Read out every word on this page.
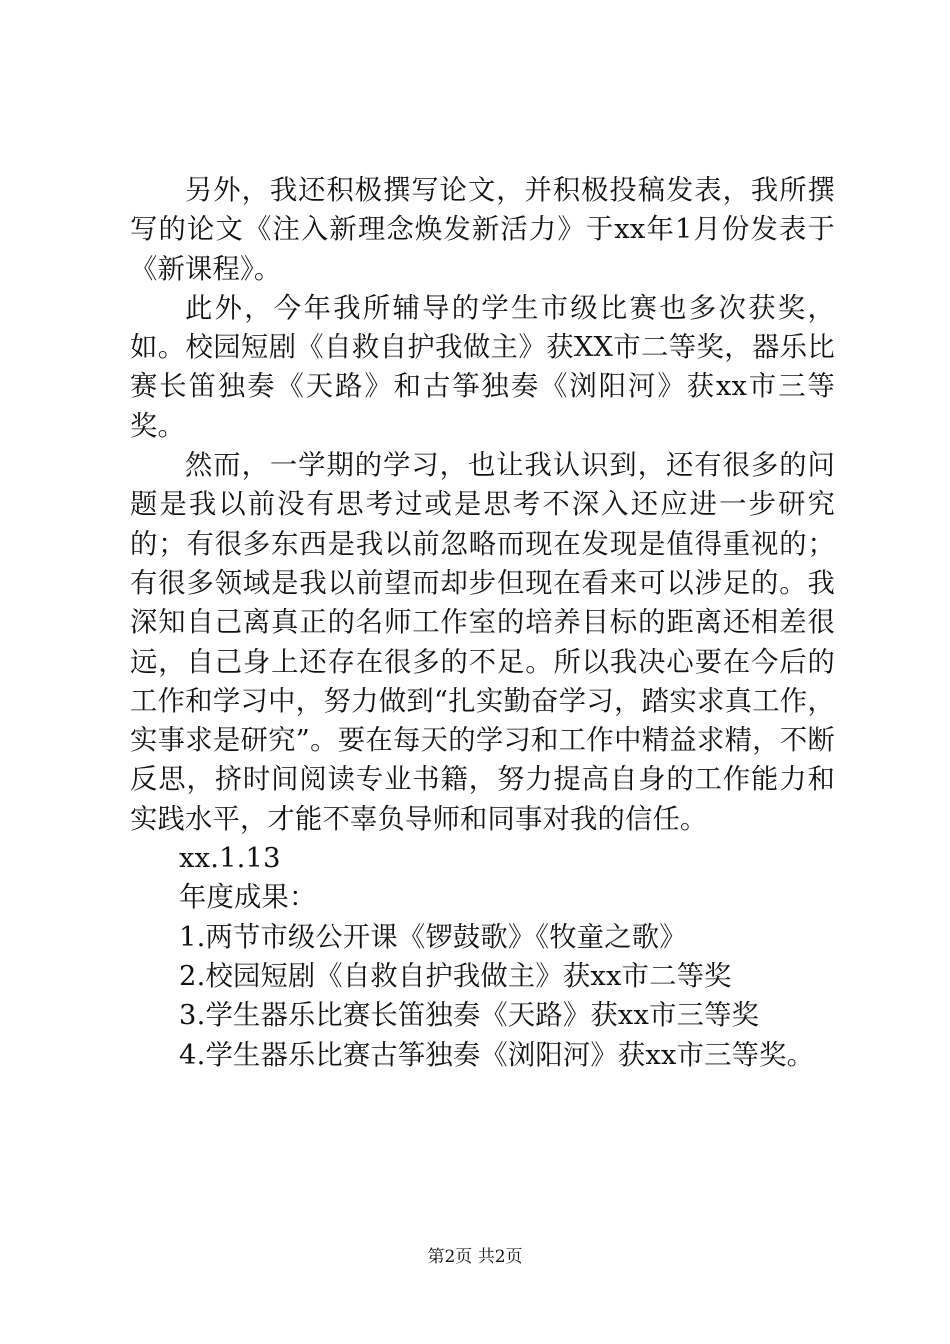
另外，我还积极撰写论文，并积极投稿发表，我所撰写的论文《注入新理念焕发新活力》于xx年1月份发表于《新课程》。

此外，今年我所辅导的学生市级比赛也多次获奖，如。校园短剧《自救自护我做主》获XX市二等奖，器乐比赛长笛独奏《天路》和古筝独奏《浏阳河》获xx市三等奖。

然而，一学期的学习，也让我认识到，还有很多的问题是我以前没有思考过或是思考不深入还应进一步研究的；有很多东西是我以前忽略而现在发现是值得重视的；有很多领域是我以前望而却步但现在看来可以涉足的。我深知自己离真正的名师工作室的培养目标的距离还相差很远，自己身上还存在很多的不足。所以我决心要在今后的工作和学习中，努力做到“扎实勤奋学习，踏实求真工作，实事求是研究”。要在每天的学习和工作中精益求精，不断反思，挤时间阅读专业书籍，努力提高自身的工作能力和实践水平，才能不辜负导师和同事对我的信任。

xx.1.13

年度成果：

1.两节市级公开课《锣鼓歌》《牧童之歌》

2.校园短剧《自救自护我做主》获xx市二等奖

3.学生器乐比赛长笛独奏《天路》获xx市三等奖

4.学生器乐比赛古筝独奏《浏阳河》获xx市三等奖。

第2页 共2页
